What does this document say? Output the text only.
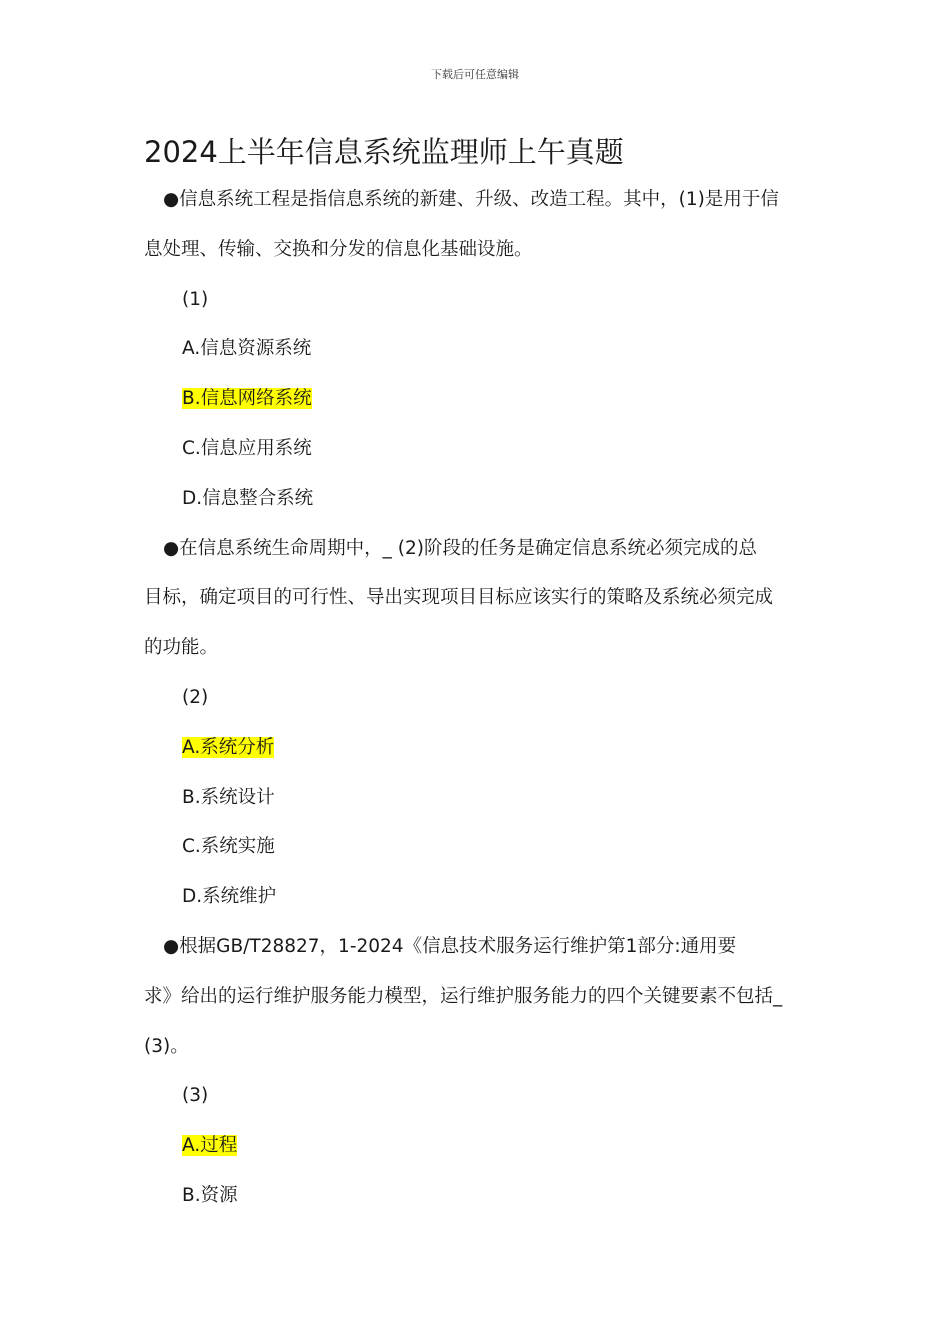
下载后可任意编辑
2024上半年信息系统监理师上午真题
●信息系统工程是指信息系统的新建、升级、改造工程。其中，(1)是用于信
息处理、传输、交换和分发的信息化基础设施。

(1)

A.信息资源系统

B.信息网络系统

C.信息应用系统

D.信息整合系统

●在信息系统生命周期中，_ (2)阶段的任务是确定信息系统必须完成的总
目标，确定项目的可行性、导出实现项目目标应该实行的策略及系统必须完成
的功能。

(2)

A.系统分析

B.系统设计

C.系统实施

D.系统维护

●根据GB/T28827，1-2024《信息技术服务运行维护第1部分:通用要
求》给出的运行维护服务能力模型，运行维护服务能力的四个关键要素不包括_
(3)。

(3)

A.过程

B.资源
